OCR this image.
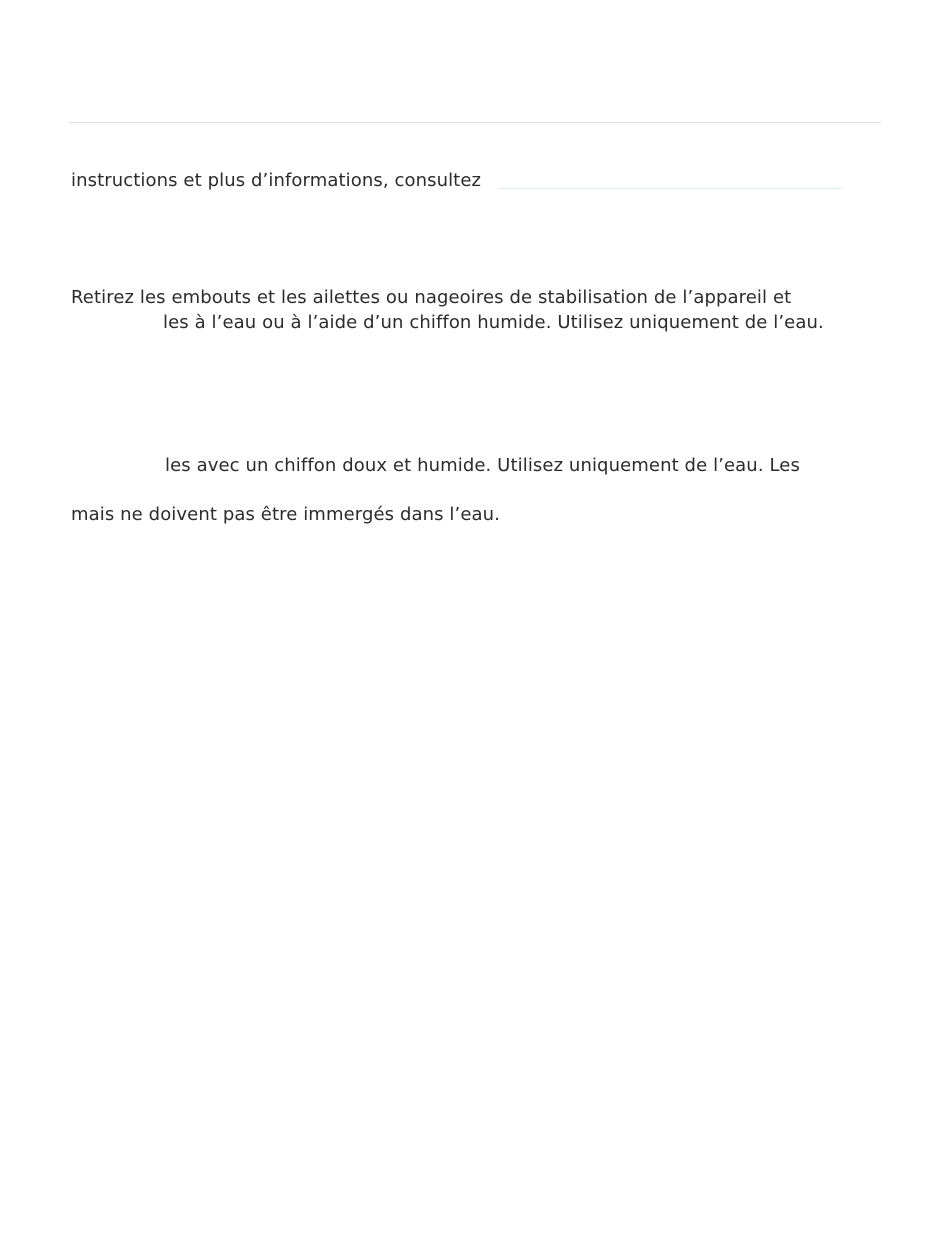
instructions et plus d’informations, consultez
Retirez les embouts et les ailettes ou nageoires de stabilisation de l’appareil et
les à l’eau ou à l’aide d’un chiffon humide. Utilisez uniquement de l’eau.
les avec un chiffon doux et humide. Utilisez uniquement de l’eau. Les
mais ne doivent pas être immergés dans l’eau.
